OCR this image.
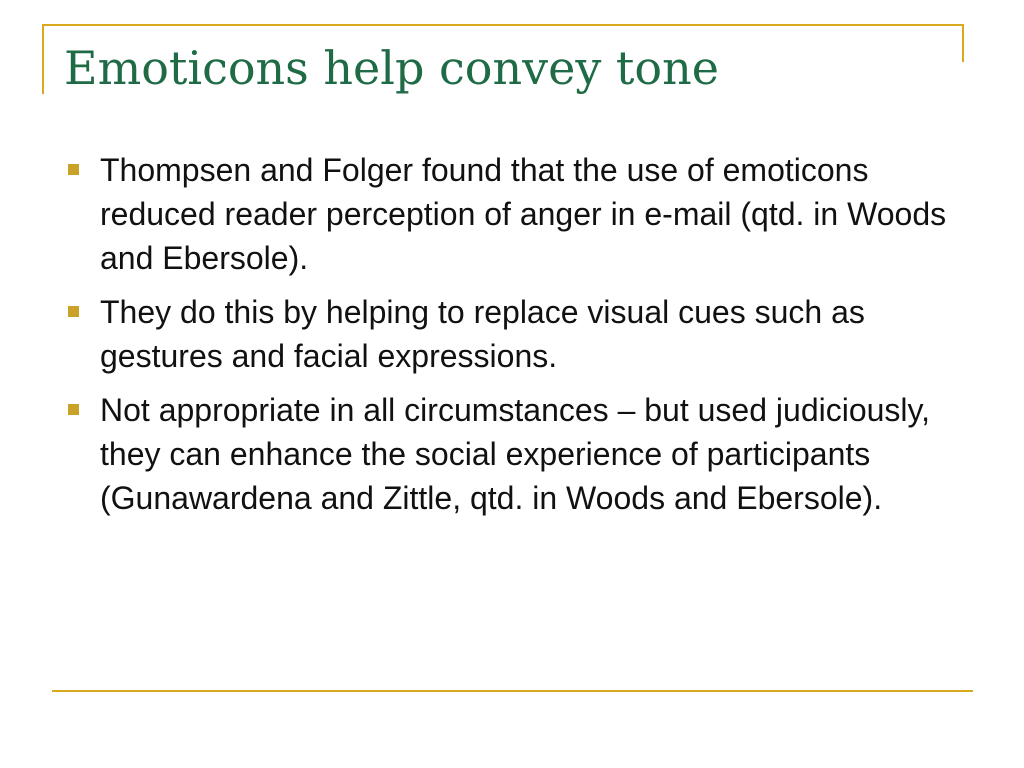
Emoticons help convey tone
Thompsen and Folger found that the use of emoticons reduced reader perception of anger in e-mail (qtd. in Woods and Ebersole).
They do this by helping to replace visual cues such as gestures and facial expressions.
Not appropriate in all circumstances – but used judiciously, they can enhance the social experience of participants (Gunawardena and Zittle, qtd. in Woods and Ebersole).
